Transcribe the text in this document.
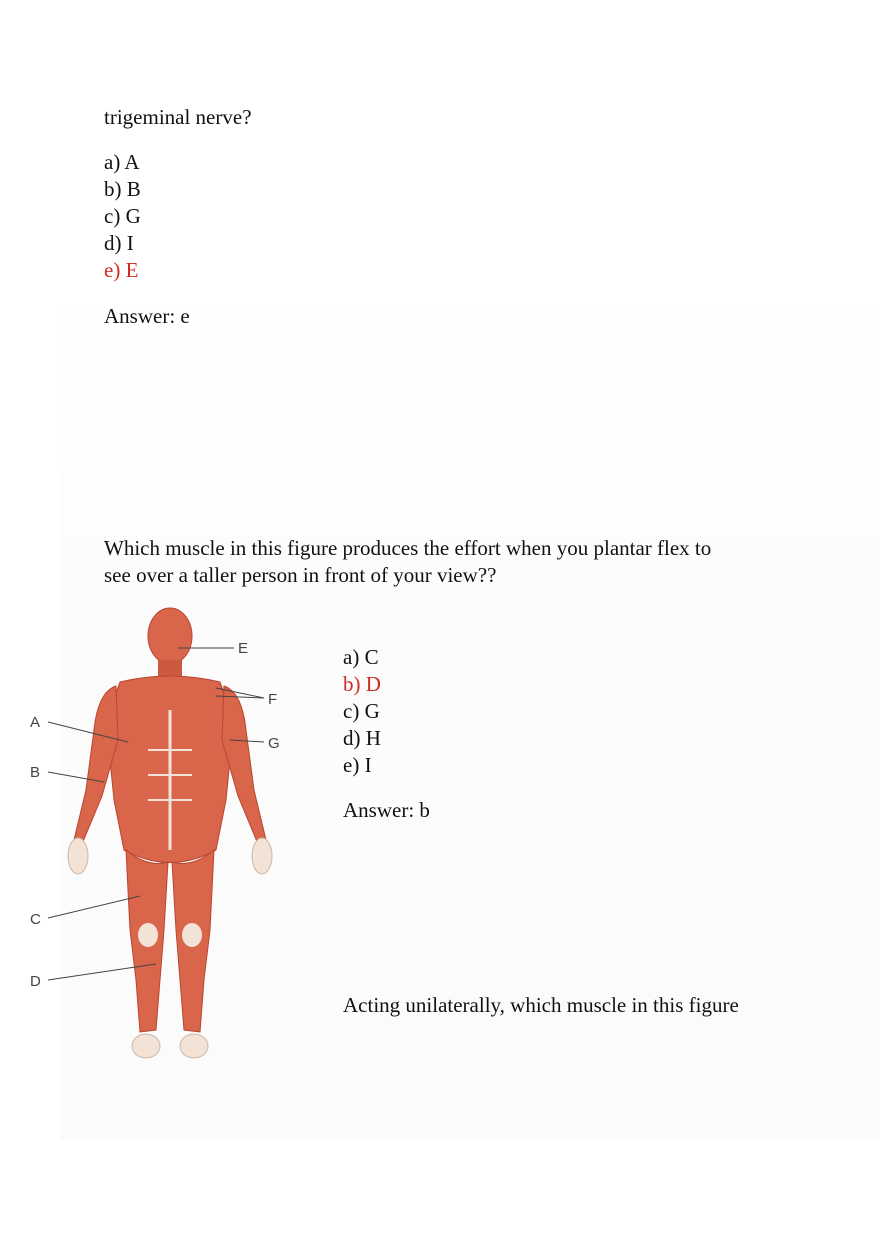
trigeminal nerve?
a) A
b) B
c) G
d) I
e) E
Answer: e
Which muscle in this figure produces the effort when you plantar flex to
see over a taller person in front of your view??
E
F
G
A
B
C
D
a) C
b) D
c) G
d) H
e) I
Answer: b
Acting unilaterally, which muscle in this figure
